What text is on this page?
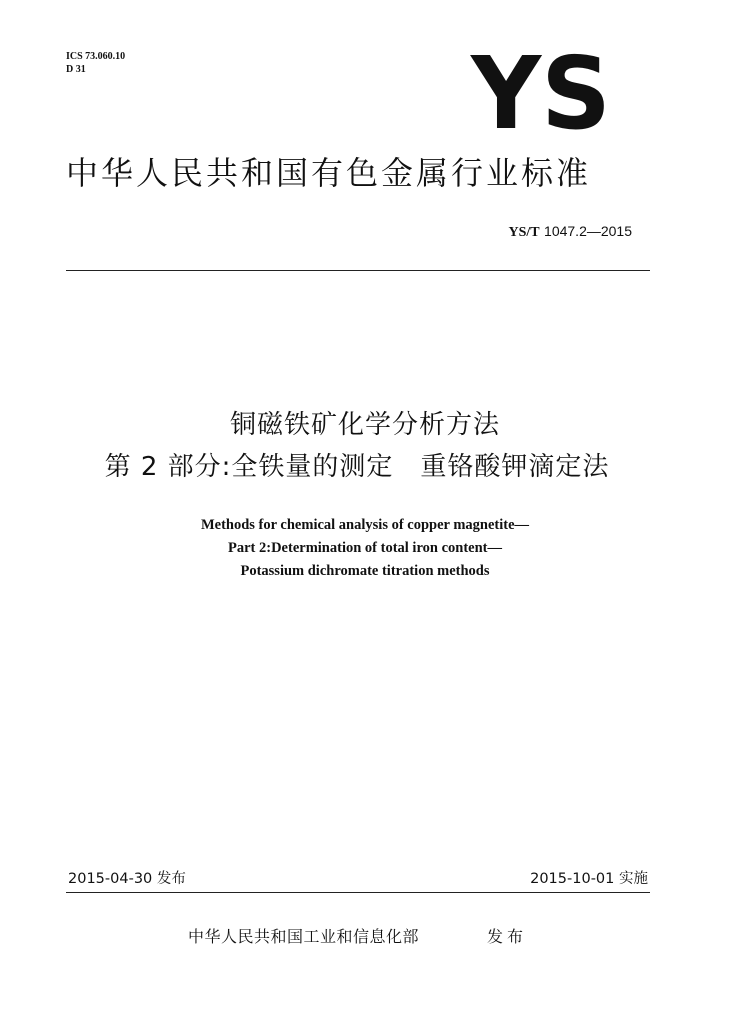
ICS 73.060.10
D 31	YS
中华人民共和国有色金属行业标准
YS/T 1047.2—2015
铜磁铁矿化学分析方法
第 2 部分:全铁量的测定　重铬酸钾滴定法
Methods for chemical analysis of copper magnetite—
Part 2:Determination of total iron content—
Potassium dichromate titration methods
2015-04-30 发布	2015-10-01 实施
中华人民共和国工业和信息化部	发布
